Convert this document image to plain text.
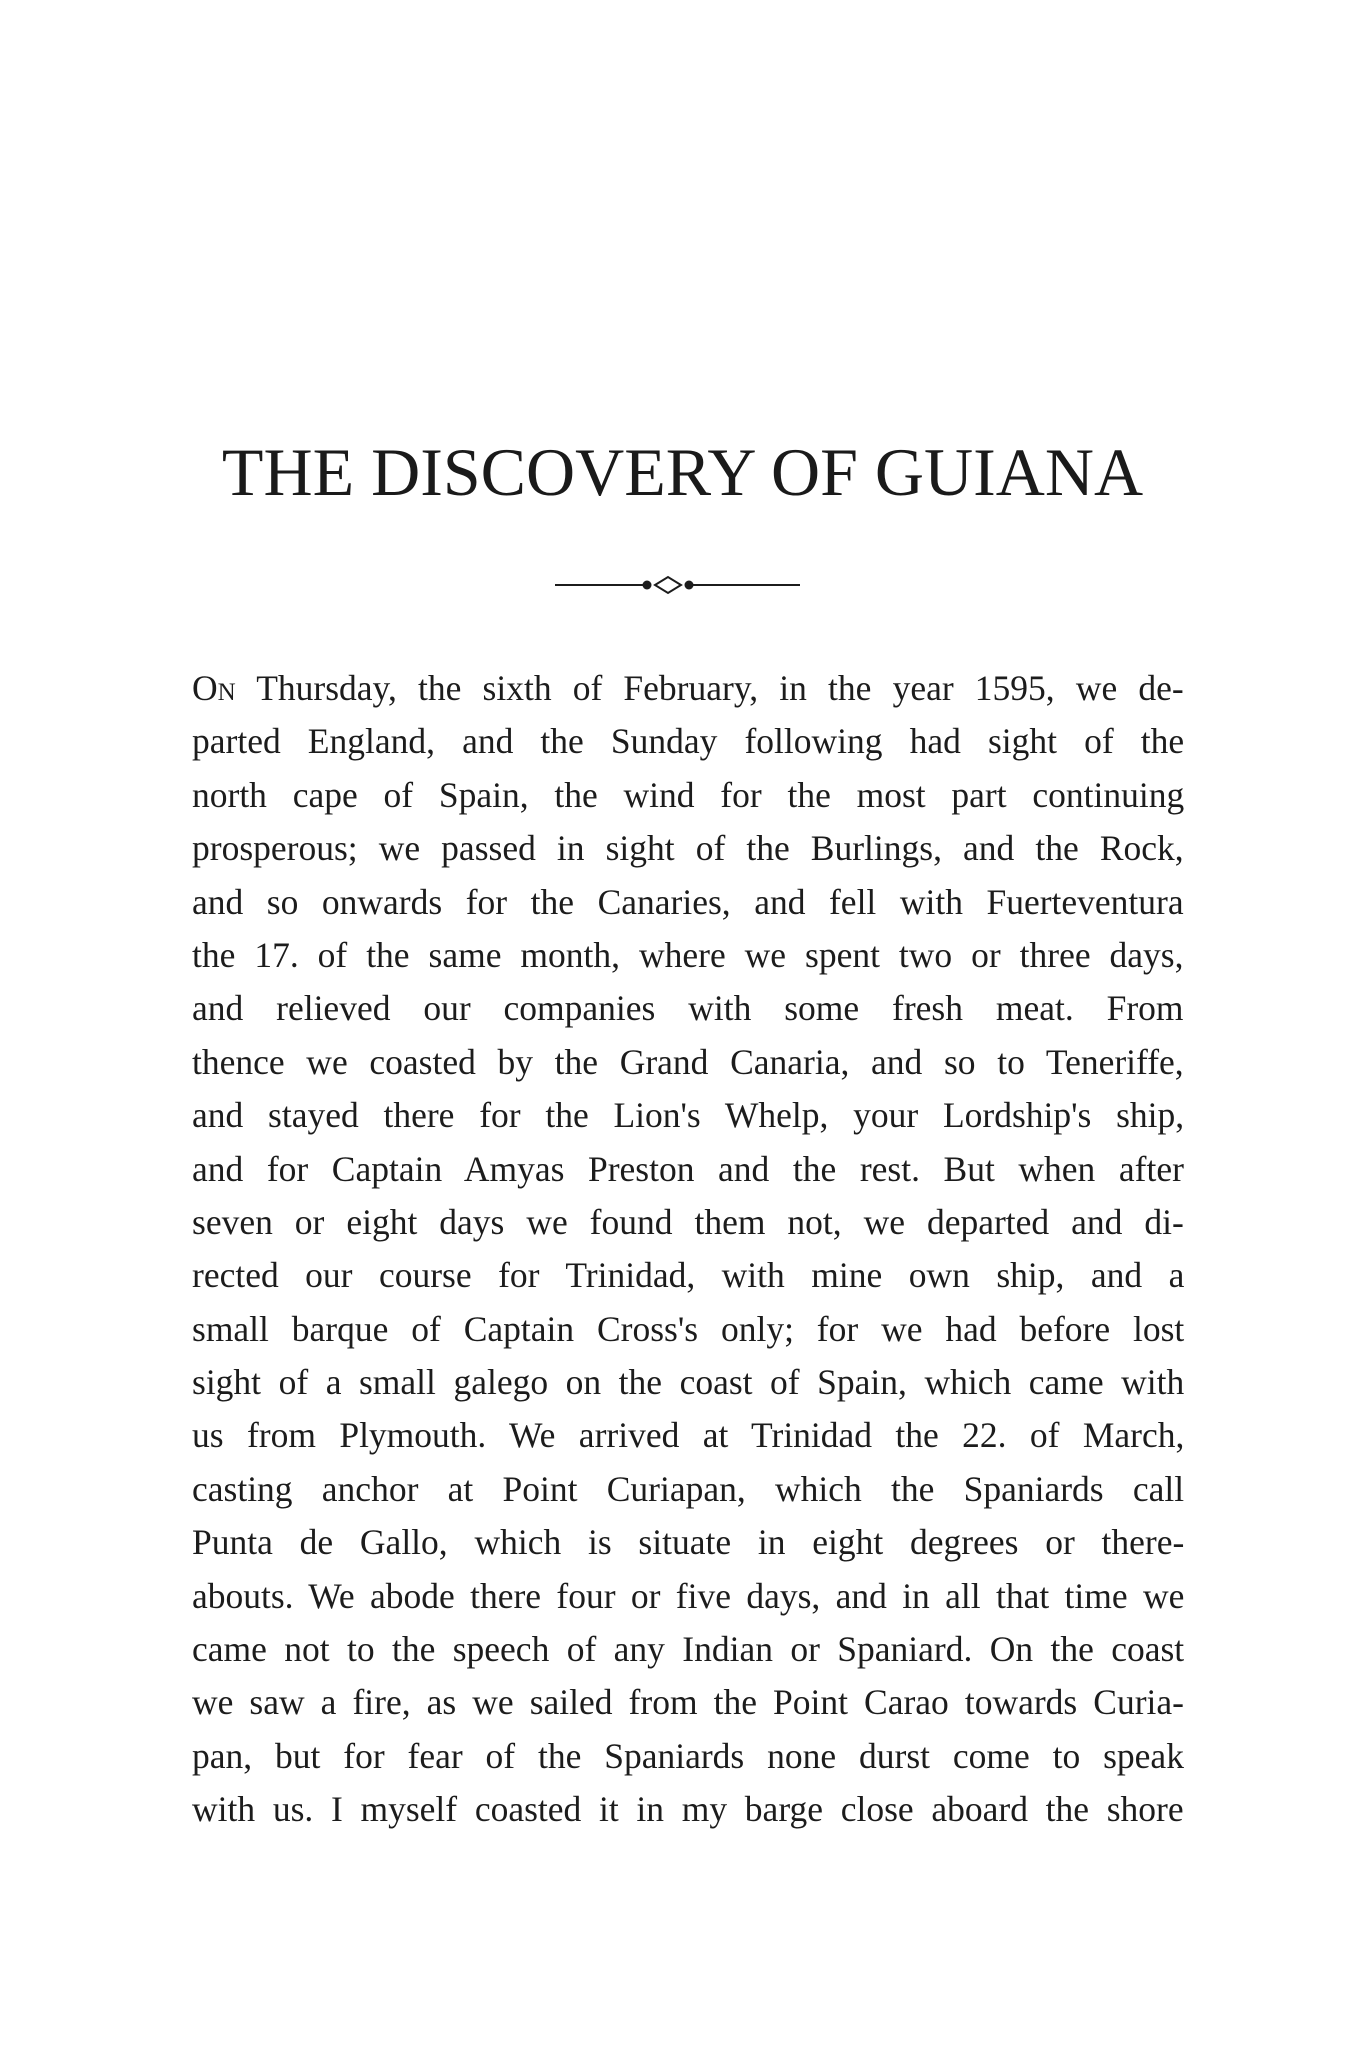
THE DISCOVERY OF GUIANA
On Thursday, the sixth of February, in the year 1595, we de-
parted England, and the Sunday following had sight of the
north cape of Spain, the wind for the most part continuing
prosperous; we passed in sight of the Burlings, and the Rock,
and so onwards for the Canaries, and fell with Fuerteventura
the 17. of the same month, where we spent two or three days,
and relieved our companies with some fresh meat. From
thence we coasted by the Grand Canaria, and so to Teneriffe,
and stayed there for the Lion's Whelp, your Lordship's ship,
and for Captain Amyas Preston and the rest. But when after
seven or eight days we found them not, we departed and di-
rected our course for Trinidad, with mine own ship, and a
small barque of Captain Cross's only; for we had before lost
sight of a small galego on the coast of Spain, which came with
us from Plymouth. We arrived at Trinidad the 22. of March,
casting anchor at Point Curiapan, which the Spaniards call
Punta de Gallo, which is situate in eight degrees or there-
abouts. We abode there four or five days, and in all that time we
came not to the speech of any Indian or Spaniard. On the coast
we saw a fire, as we sailed from the Point Carao towards Curia-
pan, but for fear of the Spaniards none durst come to speak
with us. I myself coasted it in my barge close aboard the shore
